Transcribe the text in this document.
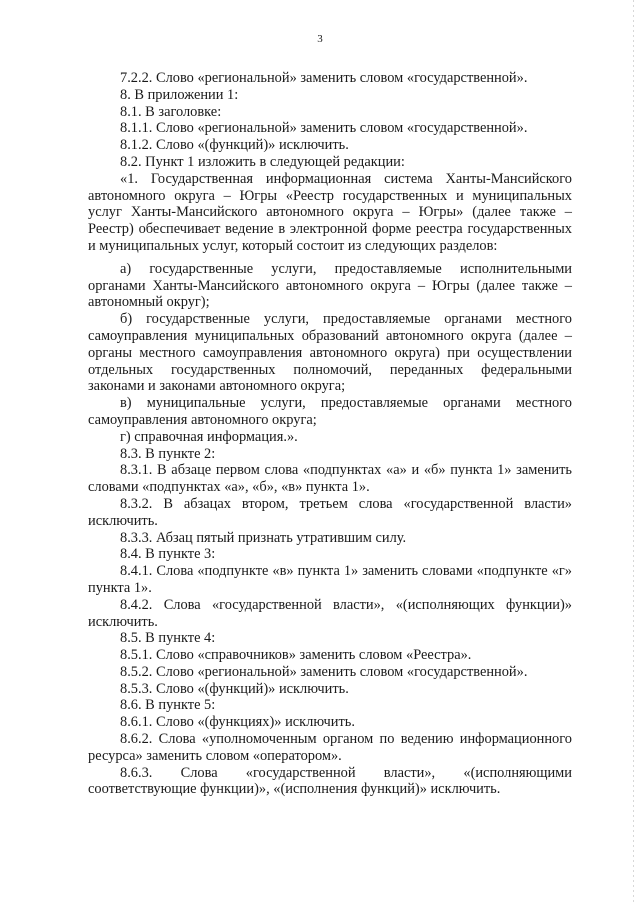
3

7.2.2. Слово «региональной» заменить словом «государственной».

8. В приложении 1:

8.1. В заголовке:

8.1.1. Слово «региональной» заменить словом «государственной».

8.1.2. Слово «(функций)» исключить.

8.2. Пункт 1 изложить в следующей редакции:

«1. Государственная информационная система Ханты-Мансийского автономного округа – Югры «Реестр государственных и муниципальных услуг Ханты-Мансийского автономного округа – Югры» (далее также – Реестр) обеспечивает ведение в электронной форме реестра государственных и муниципальных услуг, который состоит из следующих разделов:

а) государственные услуги, предоставляемые исполнительными органами Ханты-Мансийского автономного округа – Югры (далее также – автономный округ);

б) государственные услуги, предоставляемые органами местного самоуправления муниципальных образований автономного округа (далее – органы местного самоуправления автономного округа) при осуществлении отдельных государственных полномочий, переданных федеральными законами и законами автономного округа;

в) муниципальные услуги, предоставляемые органами местного самоуправления автономного округа;

г) справочная информация.».

8.3. В пункте 2:

8.3.1. В абзаце первом слова «подпунктах «а» и «б» пункта 1» заменить словами «подпунктах «а», «б», «в» пункта 1».

8.3.2. В абзацах втором, третьем слова «государственной власти» исключить.

8.3.3. Абзац пятый признать утратившим силу.

8.4. В пункте 3:

8.4.1. Слова «подпункте «в» пункта 1» заменить словами «подпункте «г» пункта 1».

8.4.2. Слова «государственной власти», «(исполняющих функции)» исключить.

8.5. В пункте 4:

8.5.1. Слово «справочников» заменить словом «Реестра».

8.5.2. Слово «региональной» заменить словом «государственной».

8.5.3. Слово «(функций)» исключить.

8.6. В пункте 5:

8.6.1. Слово «(функциях)» исключить.

8.6.2. Слова «уполномоченным органом по ведению информационного ресурса» заменить словом «оператором».

8.6.3. Слова «государственной власти», «(исполняющими соответствующие функции)», «(исполнения функций)» исключить.
